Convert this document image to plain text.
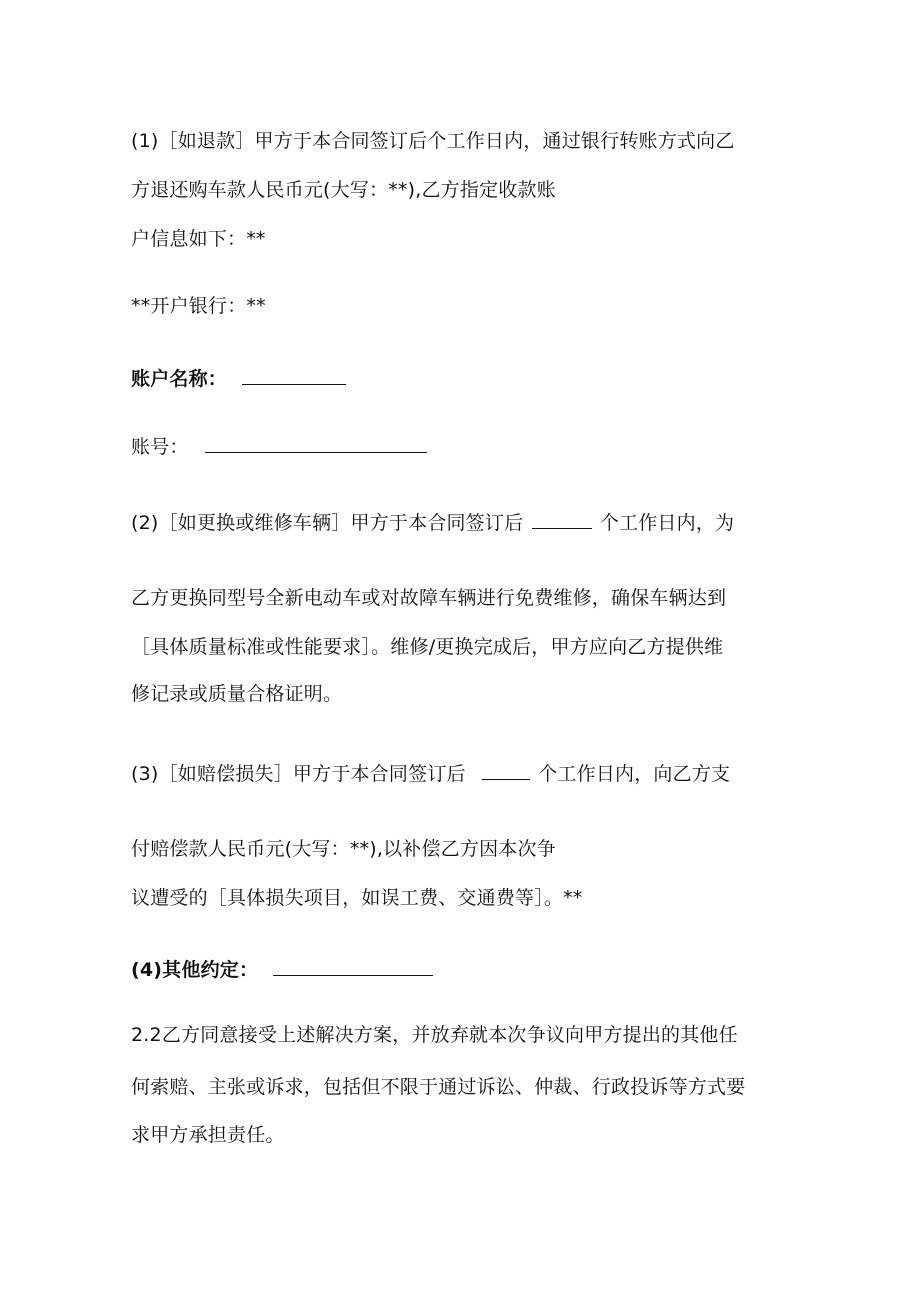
(1)［如退款］甲方于本合同签订后个工作日内，通过银行转账方式向乙
方退还购车款人民币元(大写：**),乙方指定收款账
户信息如下：**
**开户银行：**
账户名称：
账号：
(2)［如更换或维修车辆］甲方于本合同签订后	个工作日内，为
乙方更换同型号全新电动车或对故障车辆进行免费维修，确保车辆达到
［具体质量标准或性能要求］。维修/更换完成后，甲方应向乙方提供维
修记录或质量合格证明。
(3)［如赔偿损失］甲方于本合同签订后	个工作日内，向乙方支
付赔偿款人民币元(大写：**),以补偿乙方因本次争
议遭受的［具体损失项目，如误工费、交通费等］。**
(4)其他约定：
2.2乙方同意接受上述解决方案，并放弃就本次争议向甲方提出的其他任
何索赔、主张或诉求，包括但不限于通过诉讼、仲裁、行政投诉等方式要
求甲方承担责任。
